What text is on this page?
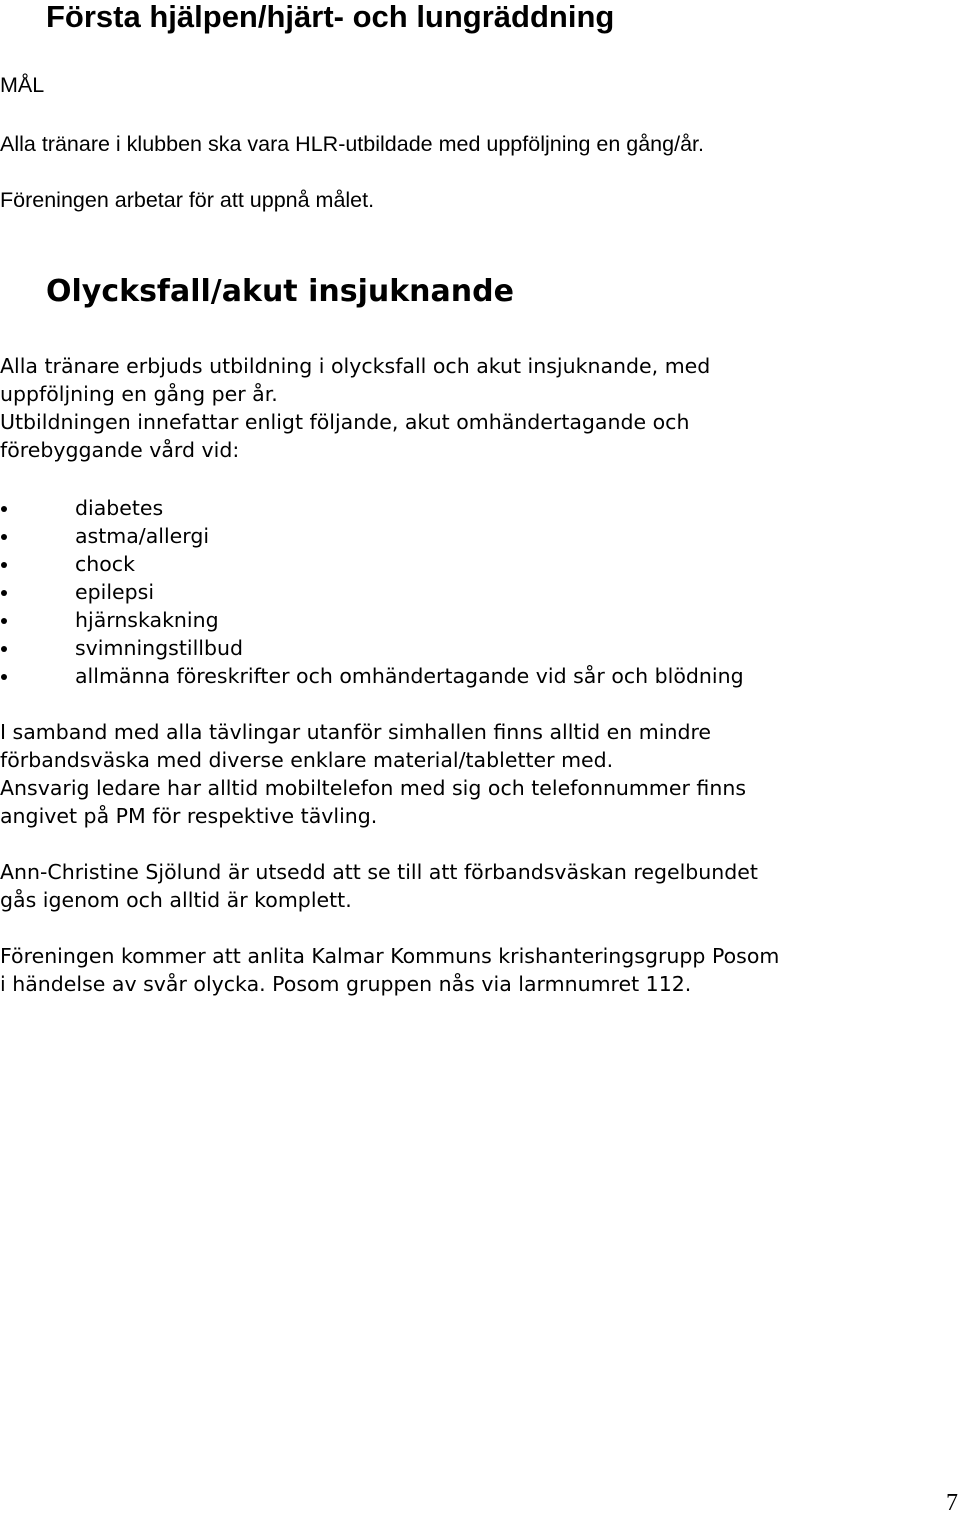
Första hjälpen/hjärt- och lungräddning
MÅL
Alla tränare i klubben ska vara HLR-utbildade med uppföljning en gång/år.
Föreningen arbetar för att uppnå målet.
Olycksfall/akut insjuknande
Alla tränare erbjuds utbildning i olycksfall och akut insjuknande, med
uppföljning en gång per år.
Utbildningen innefattar enligt följande, akut omhändertagande och
förebyggande vård vid:
diabetes
astma/allergi
chock
epilepsi
hjärnskakning
svimningstillbud
allmänna föreskrifter och omhändertagande vid sår och blödning
I samband med alla tävlingar utanför simhallen finns alltid en mindre
förbandsväska med diverse enklare material/tabletter med.
Ansvarig ledare har alltid mobiltelefon med sig och telefonnummer finns
angivet på PM för respektive tävling.
Ann-Christine Sjölund är utsedd att se till att förbandsväskan regelbundet
gås igenom och alltid är komplett.
Föreningen kommer att anlita Kalmar Kommuns krishanteringsgrupp Posom
i händelse av svår olycka. Posom gruppen nås via larmnumret 112.
7
